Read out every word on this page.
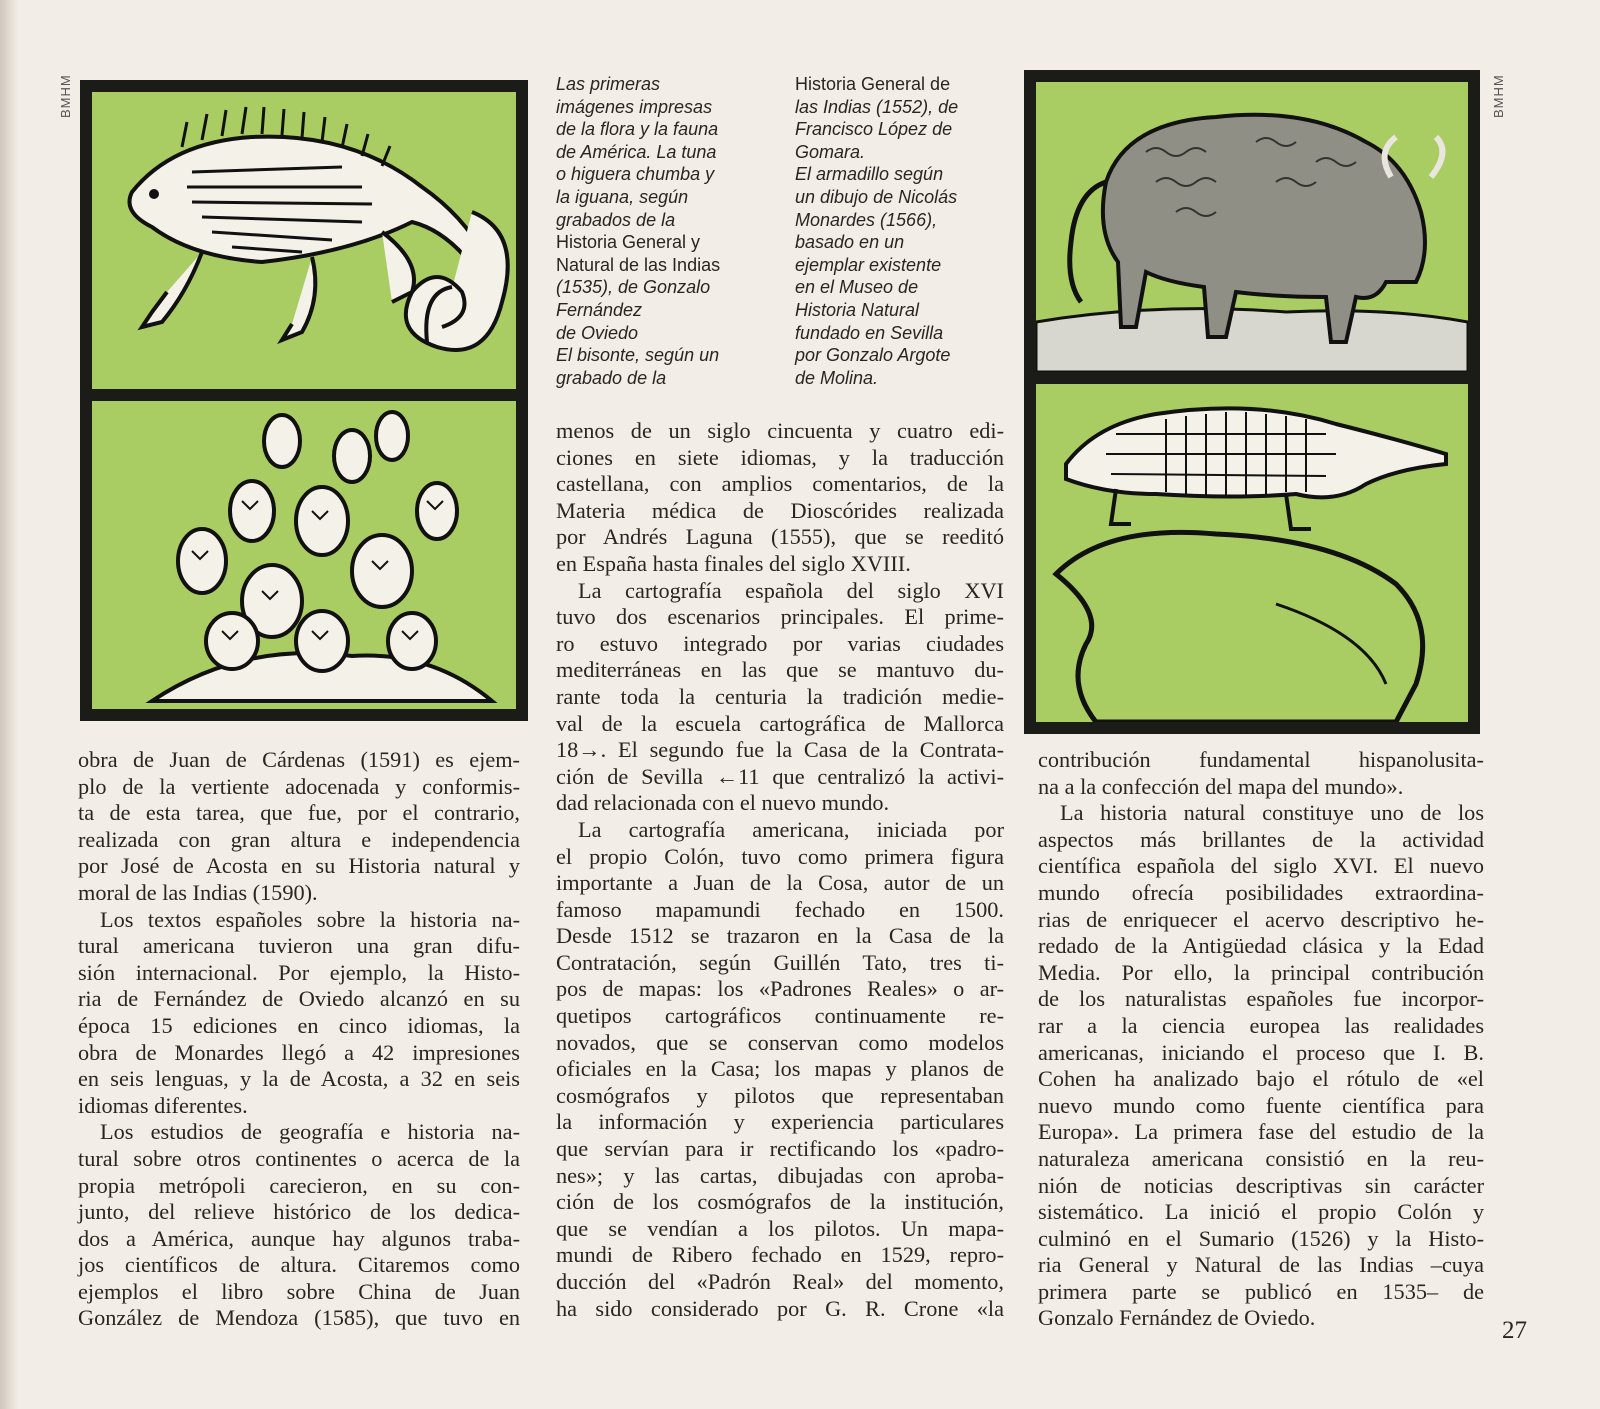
BMHM	BMHM
Las primeras
imágenes impresas
de la flora y la fauna
de América. La tuna
o higuera chumba y
la iguana, según
grabados de la
Historia General y
Natural de las Indias
(1535), de Gonzalo
Fernández
de Oviedo
El bisonte, según un
grabado de la
Historia General de
las Indias (1552), de
Francisco López de
Gomara.
El armadillo según
un dibujo de Nicolás
Monardes (1566),
basado en un
ejemplar existente
en el Museo de
Historia Natural
fundado en Sevilla
por Gonzalo Argote
de Molina.
obra de Juan de Cárdenas (1591) es ejem-
plo de la vertiente adocenada y conformis-
ta de esta tarea, que fue, por el contrario,
realizada con gran altura e independencia
por José de Acosta en su Historia natural y
moral de las Indias (1590).
Los textos españoles sobre la historia na-
tural americana tuvieron una gran difu-
sión internacional. Por ejemplo, la Histo-
ria de Fernández de Oviedo alcanzó en su
época 15 ediciones en cinco idiomas, la
obra de Monardes llegó a 42 impresiones
en seis lenguas, y la de Acosta, a 32 en seis
idiomas diferentes.
Los estudios de geografía e historia na-
tural sobre otros continentes o acerca de la
propia metrópoli carecieron, en su con-
junto, del relieve histórico de los dedica-
dos a América, aunque hay algunos traba-
jos científicos de altura. Citaremos como
ejemplos el libro sobre China de Juan
González de Mendoza (1585), que tuvo en
menos de un siglo cincuenta y cuatro edi-
ciones en siete idiomas, y la traducción
castellana, con amplios comentarios, de la
Materia médica de Dioscórides realizada
por Andrés Laguna (1555), que se reeditó
en España hasta finales del siglo XVIII.
La cartografía española del siglo XVI
tuvo dos escenarios principales. El prime-
ro estuvo integrado por varias ciudades
mediterráneas en las que se mantuvo du-
rante toda la centuria la tradición medie-
val de la escuela cartográfica de Mallorca
18→. El segundo fue la Casa de la Contrata-
ción de Sevilla ←11 que centralizó la activi-
dad relacionada con el nuevo mundo.
La cartografía americana, iniciada por
el propio Colón, tuvo como primera figura
importante a Juan de la Cosa, autor de un
famoso mapamundi fechado en 1500.
Desde 1512 se trazaron en la Casa de la
Contratación, según Guillén Tato, tres ti-
pos de mapas: los «Padrones Reales» o ar-
quetipos cartográficos continuamente re-
novados, que se conservan como modelos
oficiales en la Casa; los mapas y planos de
cosmógrafos y pilotos que representaban
la información y experiencia particulares
que servían para ir rectificando los «padro-
nes»; y las cartas, dibujadas con aproba-
ción de los cosmógrafos de la institución,
que se vendían a los pilotos. Un mapa-
mundi de Ribero fechado en 1529, repro-
ducción del «Padrón Real» del momento,
ha sido considerado por G. R. Crone «la
contribución fundamental hispanolusita-
na a la confección del mapa del mundo».
La historia natural constituye uno de los
aspectos más brillantes de la actividad
científica española del siglo XVI. El nuevo
mundo ofrecía posibilidades extraordina-
rias de enriquecer el acervo descriptivo he-
redado de la Antigüedad clásica y la Edad
Media. Por ello, la principal contribución
de los naturalistas españoles fue incorpor-
rar a la ciencia europea las realidades
americanas, iniciando el proceso que I. B.
Cohen ha analizado bajo el rótulo de «el
nuevo mundo como fuente científica para
Europa». La primera fase del estudio de la
naturaleza americana consistió en la reu-
nión de noticias descriptivas sin carácter
sistemático. La inició el propio Colón y
culminó en el Sumario (1526) y la Histo-
ria General y Natural de las Indias –cuya
primera parte se publicó en 1535– de
Gonzalo Fernández de Oviedo.	27
